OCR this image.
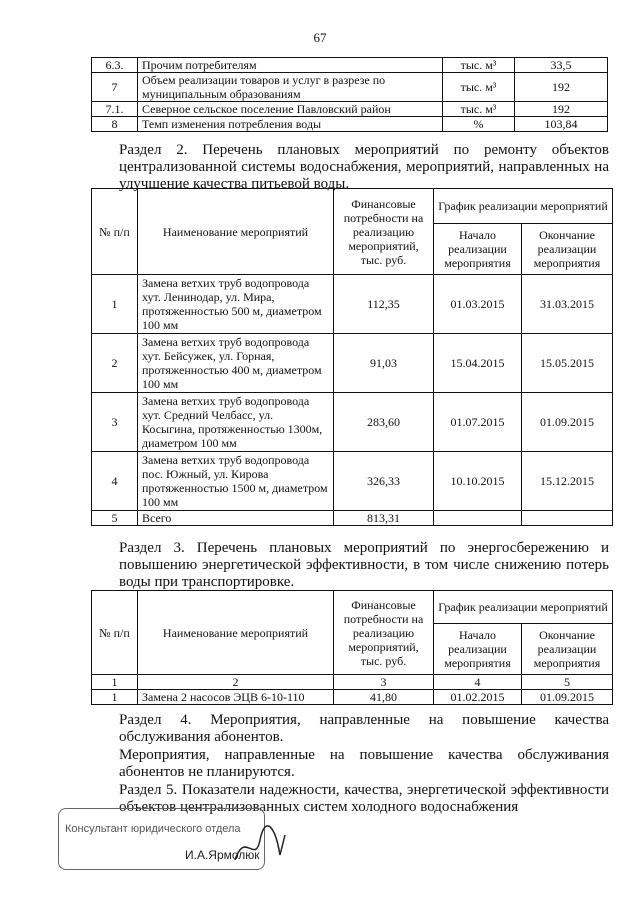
67
6.3.	Прочим потребителям	тыс. м³	33,5
7	Объем реализации товаров и услуг в разрезе по муниципальным образованиям	тыс. м³	192
7.1.	Северное сельское поселение Павловский район	тыс. м³	192
8	Темп изменения потребления воды	%	103,84
Раздел 2. Перечень плановых мероприятий по ремонту объектов централизованной системы водоснабжения, мероприятий, направленных на улучшение качества питьевой воды.
№ п/п	Наименование мероприятий	Финансовые потребности на реализацию мероприятий, тыс. руб.	График реализации мероприятий	
			Начало реализации мероприятия	Окончание реализации мероприятия
1	Замена ветхих труб водопровода хут. Ленинодар, ул. Мира, протяженностью 500 м, диаметром 100 мм	112,35	01.03.2015	31.03.2015
2	Замена ветхих труб водопровода хут. Бейсужек, ул. Горная, протяженностью 400 м, диаметром 100 мм	91,03	15.04.2015	15.05.2015
3	Замена ветхих труб водопровода хут. Средний Челбасс, ул. Косыгина, протяженностью 1300м, диаметром 100 мм	283,60	01.07.2015	01.09.2015
4	Замена ветхих труб водопровода пос. Южный, ул. Кирова протяженностью 1500 м, диаметром 100 мм	326,33	10.10.2015	15.12.2015
5	Всего	813,31		
Раздел 3. Перечень плановых мероприятий по энергосбережению и повышению энергетической эффективности, в том числе снижению потерь воды при транспортировке.
№ п/п	Наименование мероприятий	Финансовые потребности на реализацию мероприятий, тыс. руб.	График реализации мероприятий	
			Начало реализации мероприятия	Окончание реализации мероприятия
1	2	3	4	5
1	Замена 2 насосов ЭЦВ 6-10-110	41,80	01.02.2015	01.09.2015
Раздел 4. Мероприятия, направленные на повышение качества обслуживания абонентов.
Мероприятия, направленные на повышение качества обслуживания абонентов не планируются.
Раздел 5. Показатели надежности, качества, энергетической эффективности объектов централизованных систем холодного водоснабжения
Консультант юридического отдела
И.А.Ярмолюк
